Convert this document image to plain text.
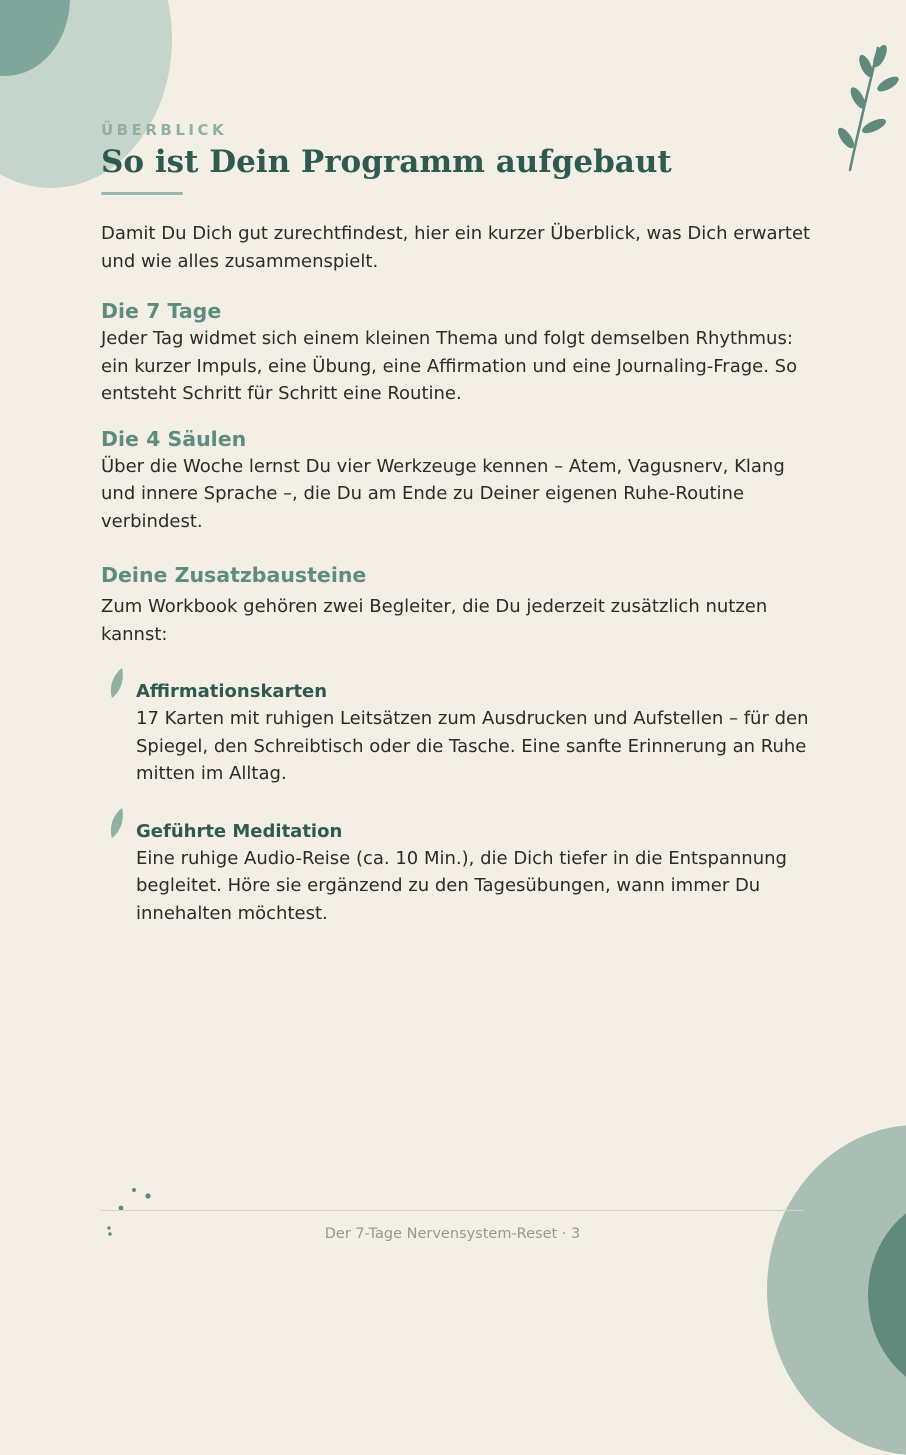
ÜBERBLICK
So ist Dein Programm aufgebaut

Damit Du Dich gut zurechtfindest, hier ein kurzer Überblick, was Dich erwartet und wie alles zusammenspielt.

Die 7 Tage
Jeder Tag widmet sich einem kleinen Thema und folgt demselben Rhythmus: ein kurzer Impuls, eine Übung, eine Affirmation und eine Journaling-Frage. So entsteht Schritt für Schritt eine Routine.
Die 4 Säulen
Über die Woche lernst Du vier Werkzeuge kennen – Atem, Vagusnerv, Klang und innere Sprache –, die Du am Ende zu Deiner eigenen Ruhe-Routine verbindest.
Deine Zusatzbausteine
Zum Workbook gehören zwei Begleiter, die Du jederzeit zusätzlich nutzen kannst:
Affirmationskarten
17 Karten mit ruhigen Leitsätzen zum Ausdrucken und Aufstellen – für den Spiegel, den Schreibtisch oder die Tasche. Eine sanfte Erinnerung an Ruhe mitten im Alltag.
Geführte Meditation
Eine ruhige Audio-Reise (ca. 10 Min.), die Dich tiefer in die Entspannung begleitet. Höre sie ergänzend zu den Tagesübungen, wann immer Du innehalten möchtest.
Der 7-Tage Nervensystem-Reset · 3
